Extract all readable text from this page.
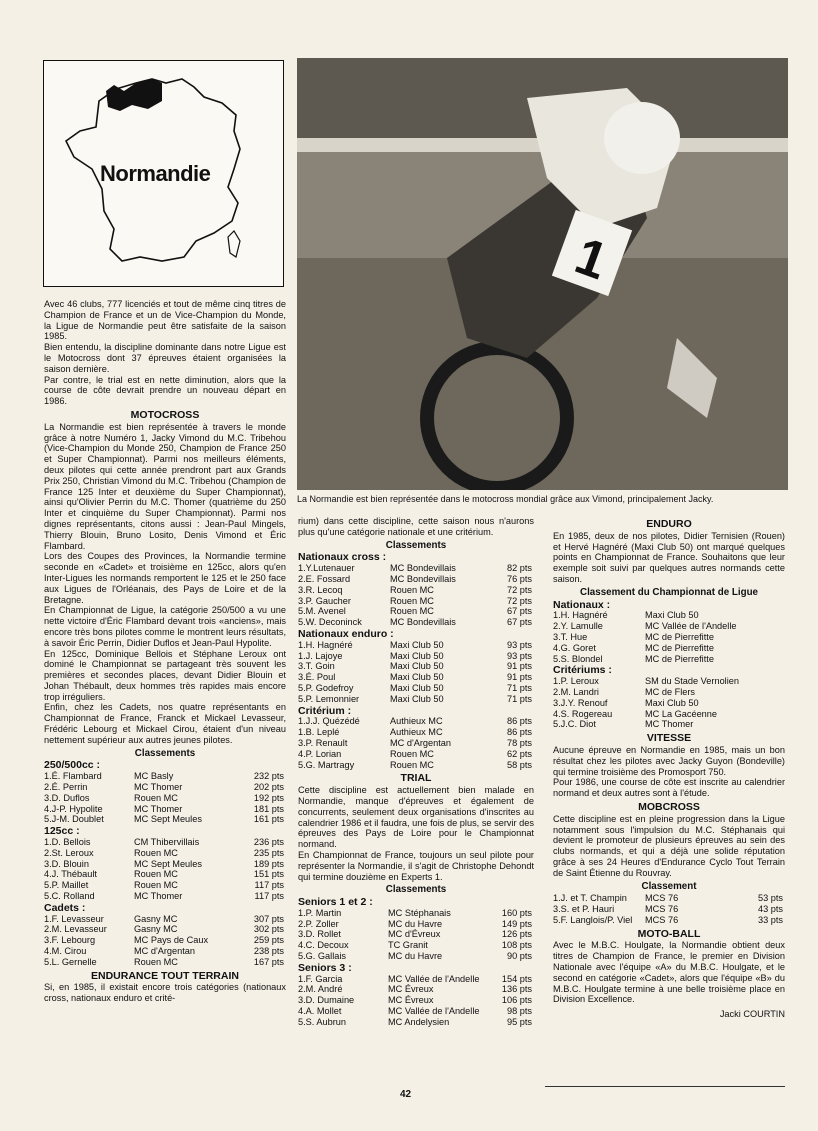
Normandie
1
La Normandie est bien représentée dans le motocross mondial grâce aux Vimond, principalement Jacky.

Avec 46 clubs, 777 licenciés et tout de même cinq titres de Champion de France et un de Vice-Champion du Monde, la Ligue de Normandie peut être satisfaite de la saison 1985.

Bien entendu, la discipline dominante dans notre Ligue est le Motocross dont 37 épreuves étaient organisées la saison dernière.

Par contre, le trial est en nette diminution, alors que la course de côte devrait prendre un nouveau départ en 1986.

MOTOCROSS

La Normandie est bien représentée à travers le monde grâce à notre Numéro 1, Jacky Vimond du M.C. Tribehou (Vice-Champion du Monde 250, Champion de France 250 et Super Championnat). Parmi nos meilleurs éléments, deux pilotes qui cette année prendront part aux Grands Prix 250, Christian Vimond du M.C. Tribehou (Champion de France 125 Inter et deuxième du Super Championnat), ainsi qu'Olivier Perrin du M.C. Thomer (quatrième du 250 Inter et cinquième du Super Championnat). Parmi nos dignes représentants, citons aussi : Jean-Paul Mingels, Thierry Blouin, Bruno Losito, Denis Vimond et Éric Flambard.

Lors des Coupes des Provinces, la Normandie termine seconde en «Cadet» et troisième en 125cc, alors qu'en Inter-Ligues les normands remportent le 125 et le 250 face aux Ligues de l'Orléanais, des Pays de Loire et de la Bretagne.

En Championnat de Ligue, la catégorie 250/500 a vu une nette victoire d'Éric Flambard devant trois «anciens», mais encore très bons pilotes comme le montrent leurs résultats, à savoir Éric Perrin, Didier Duflos et Jean-Paul Hypolite.

En 125cc, Dominique Bellois et Stéphane Leroux ont dominé le Championnat se partageant très souvent les premières et secondes places, devant Didier Blouin et Johan Thébault, deux hommes très rapides mais encore trop irréguliers.

Enfin, chez les Cadets, nos quatre représentants en Championnat de France, Franck et Mickael Levasseur, Frédéric Lebourg et Mickael Cirou, étaient d'un niveau nettement supérieur aux autres jeunes pilotes.

Classements
250/500cc :
1.É. Flambard	MC Basly	232 pts
2.É. Perrin	MC Thomer	202 pts
3.D. Duflos	Rouen MC	192 pts
4.J-P. Hypolite	MC Thomer	181 pts
5.J-M. Doublet	MC Sept Meules	161 pts
125cc :
1.D. Bellois	CM Thibervillais	236 pts
2.St. Leroux	Rouen MC	235 pts
3.D. Blouin	MC Sept Meules	189 pts
4.J. Thébault	Rouen MC	151 pts
5.P. Maillet	Rouen MC	117 pts
5.C. Rolland	MC Thomer	117 pts
Cadets :
1.F. Levasseur	Gasny MC	307 pts
2.M. Levasseur	Gasny MC	302 pts
3.F. Lebourg	MC Pays de Caux	259 pts
4.M. Cirou	MC d'Argentan	238 pts
5.L. Gernelle	Rouen MC	167 pts
ENDURANCE TOUT TERRAIN

Si, en 1985, il existait encore trois catégories (nationaux cross, nationaux enduro et crité-

rium) dans cette discipline, cette saison nous n'aurons plus qu'une catégorie nationale et une critérium.

Classements
Nationaux cross :
1.Y.Lutenauer	MC Bondevillais	82 pts
2.E. Fossard	MC Bondevillais	76 pts
3.R. Lecoq	Rouen MC	72 pts
3.P. Gaucher	Rouen MC	72 pts
5.M. Avenel	Rouen MC	67 pts
5.W. Deconinck	MC Bondevillais	67 pts
Nationaux enduro :
1.H. Hagnéré	Maxi Club 50	93 pts
1.J. Lajoye	Maxi Club 50	93 pts
3.T. Goin	Maxi Club 50	91 pts
3.É. Poul	Maxi Club 50	91 pts
5.P. Godefroy	Maxi Club 50	71 pts
5.P. Lemonnier	Maxi Club 50	71 pts
Critérium :
1.J.J. Quézédé	Authieux MC	86 pts
1.B. Leplé	Authieux MC	86 pts
3.P. Renault	MC d'Argentan	78 pts
4.P. Lorian	Rouen MC	62 pts
5.G. Martragy	Rouen MC	58 pts
TRIAL

Cette discipline est actuellement bien malade en Normandie, manque d'épreuves et également de concurrents, seulement deux organisations d'inscrites au calendrier 1986 et il faudra, une fois de plus, se servir des épreuves des Pays de Loire pour le Championnat normand.

En Championnat de France, toujours un seul pilote pour représenter la Normandie, il s'agit de Christophe Dehondt qui termine douzième en Experts 1.

Classements
Seniors 1 et 2 :
1.P. Martin	MC Stéphanais	160 pts
2.P. Zoller	MC du Havre	149 pts
3.D. Rollet	MC d'Évreux	126 pts
4.C. Decoux	TC Granit	108 pts
5.G. Gallais	MC du Havre	90 pts
Seniors 3 :
1.F. Garcia	MC Vallée de l'Andelle	154 pts
2.M. André	MC Évreux	136 pts
3.D. Dumaine	MC Évreux	106 pts
4.A. Mollet	MC Vallée de l'Andelle	98 pts
5.S. Aubrun	MC Andelysien	95 pts
ENDURO

En 1985, deux de nos pilotes, Didier Ternisien (Rouen) et Hervé Hagnéré (Maxi Club 50) ont marqué quelques points en Championnat de France. Souhaitons que leur exemple soit suivi par quelques autres normands cette saison.

Classement du Championnat de Ligue
Nationaux :
1.H. Hagnéré	Maxi Club 50
2.Y. Lamulle	MC Vallée de l'Andelle
3.T. Hue	MC de Pierrefitte
4.G. Goret	MC de Pierrefitte
5.S. Blondel	MC de Pierrefitte
Critériums :
1.P. Leroux	SM du Stade Vernolien
2.M. Landri	MC de Flers
3.J.Y. Renouf	Maxi Club 50
4.S. Rogereau	MC La Gacéenne
5.J.C. Diot	MC Thomer
VITESSE

Aucune épreuve en Normandie en 1985, mais un bon résultat chez les pilotes avec Jacky Guyon (Bondeville) qui termine troisième des Promosport 750.

Pour 1986, une course de côte est inscrite au calendrier normand et deux autres sont à l'étude.

MOBCROSS

Cette discipline est en pleine progression dans la Ligue notamment sous l'impulsion du M.C. Stéphanais qui devient le promoteur de plusieurs épreuves au sein des clubs normands, et qui a déjà une solide réputation grâce à ses 24 Heures d'Endurance Cyclo Tout Terrain de Saint Étienne du Rouvray.

Classement
1.J. et T. Champin	MCS 76	53 pts
3.S. et P. Hauri	MCS 76	43 pts
5.F. Langlois/P. Viel	MCS 76	33 pts
MOTO-BALL

Avec le M.B.C. Houlgate, la Normandie obtient deux titres de Champion de France, le premier en Division Nationale avec l'équipe «A» du M.B.C. Houlgate, et le second en catégorie «Cadet», alors que l'équipe «B» du M.B.C. Houlgate termine à une belle troisième place en Division Excellence.

Jacki COURTIN
42
